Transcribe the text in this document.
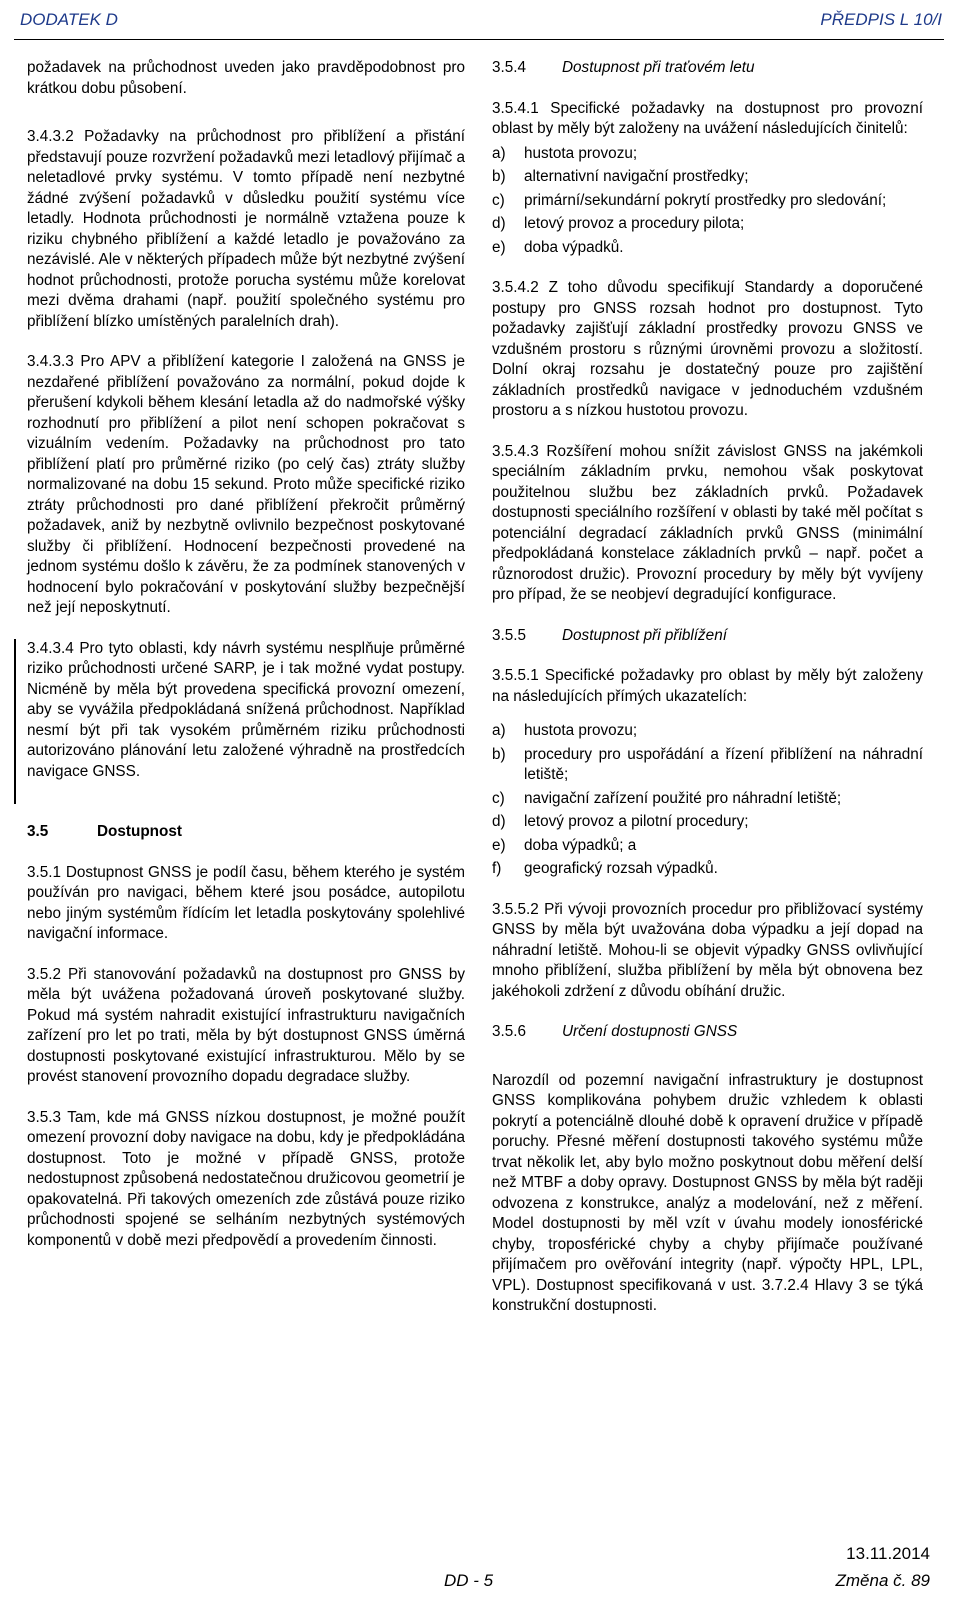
DODATEK D	PŘEDPIS L 10/I

požadavek na průchodnost uveden jako pravděpodobnost pro krátkou dobu působení.

3.4.3.2 Požadavky na průchodnost pro přiblížení a přistání představují pouze rozvržení požadavků mezi letadlový přijímač a neletadlové prvky systému. V tomto případě není nezbytné žádné zvýšení požadavků v důsledku použití systému více letadly. Hodnota průchodnosti je normálně vztažena pouze k riziku chybného přiblížení a každé letadlo je považováno za nezávislé. Ale v některých případech může být nezbytné zvýšení hodnot průchodnosti, protože porucha systému může korelovat mezi dvěma drahami (např. použití společného systému pro přiblížení blízko umístěných paralelních drah).

3.4.3.3 Pro APV a přiblížení kategorie I založená na GNSS je nezdařené přiblížení považováno za normální, pokud dojde k přerušení kdykoli během klesání letadla až do nadmořské výšky rozhodnutí pro přiblížení a pilot není schopen pokračovat s vizuálním vedením. Požadavky na průchodnost pro tato přiblížení platí pro průměrné riziko (po celý čas) ztráty služby normalizované na dobu 15 sekund. Proto může specifické riziko ztráty průchodnosti pro dané přiblížení překročit průměrný požadavek, aniž by nezbytně ovlivnilo bezpečnost poskytované služby či přiblížení. Hodnocení bezpečnosti provedené na jednom systému došlo k závěru, že za podmínek stanovených v hodnocení bylo pokračování v poskytování služby bezpečnější než její neposkytnutí.

3.4.3.4 Pro tyto oblasti, kdy návrh systému nesplňuje průměrné riziko průchodnosti určené SARP, je i tak možné vydat postupy. Nicméně by měla být provedena specifická provozní omezení, aby se vyvážila předpokládaná snížená průchodnost. Například nesmí být při tak vysokém průměrném riziku průchodnosti autorizováno plánování letu založené výhradně na prostředcích navigace GNSS.

3.5	Dostupnost

3.5.1 Dostupnost GNSS je podíl času, během kterého je systém používán pro navigaci, během které jsou posádce, autopilotu nebo jiným systémům řídícím let letadla poskytovány spolehlivé navigační informace.

3.5.2 Při stanovování požadavků na dostupnost pro GNSS by měla být uvážena požadovaná úroveň poskytované služby. Pokud má systém nahradit existující infrastrukturu navigačních zařízení pro let po trati, měla by být dostupnost GNSS úměrná dostupnosti poskytované existující infrastrukturou. Mělo by se provést stanovení provozního dopadu degradace služby.

3.5.3 Tam, kde má GNSS nízkou dostupnost, je možné použít omezení provozní doby navigace na dobu, kdy je předpokládána dostupnost. Toto je možné v případě GNSS, protože nedostupnost způsobená nedostatečnou družicovou geometrií je opakovatelná. Při takových omezeních zde zůstává pouze riziko průchodnosti spojené se selháním nezbytných systémových komponentů v době mezi předpovědí a provedením činnosti.

3.5.4 Dostupnost při traťovém letu

3.5.4.1 Specifické požadavky na dostupnost pro provozní oblast by měly být založeny na uvážení následujících činitelů:

a) hustota provozu;
b) alternativní navigační prostředky;
c) primární/sekundární pokrytí prostředky pro sledování;
d) letový provoz a procedury pilota;
e) doba výpadků.

3.5.4.2 Z toho důvodu specifikují Standardy a doporučené postupy pro GNSS rozsah hodnot pro dostupnost. Tyto požadavky zajišťují základní prostředky provozu GNSS ve vzdušném prostoru s různými úrovněmi provozu a složitostí. Dolní okraj rozsahu je dostatečný pouze pro zajištění základních prostředků navigace v jednoduchém vzdušném prostoru a s nízkou hustotou provozu.

3.5.4.3 Rozšíření mohou snížit závislost GNSS na jakémkoli speciálním základním prvku, nemohou však poskytovat použitelnou službu bez základních prvků. Požadavek dostupnosti speciálního rozšíření v oblasti by také měl počítat s potenciální degradací základních prvků GNSS (minimální předpokládaná konstelace základních prvků – např. počet a různorodost družic). Provozní procedury by měly být vyvíjeny pro případ, že se neobjeví degradující konfigurace.

3.5.5 Dostupnost při přiblížení

3.5.5.1 Specifické požadavky pro oblast by měly být založeny na následujících přímých ukazatelích:

a) hustota provozu;
b) procedury pro uspořádání a řízení přiblížení na náhradní letiště;
c) navigační zařízení použité pro náhradní letiště;
d) letový provoz a pilotní procedury;
e) doba výpadků; a
f) geografický rozsah výpadků.

3.5.5.2 Při vývoji provozních procedur pro přibližovací systémy GNSS by měla být uvažována doba výpadku a její dopad na náhradní letiště. Mohou-li se objevit výpadky GNSS ovlivňující mnoho přiblížení, služba přiblížení by měla být obnovena bez jakéhokoli zdržení z důvodu obíhání družic.

3.5.6 Určení dostupnosti GNSS

Narozdíl od pozemní navigační infrastruktury je dostupnost GNSS komplikována pohybem družic vzhledem k oblasti pokrytí a potenciálně dlouhé době k opravení družice v případě poruchy. Přesné měření dostupnosti takového systému může trvat několik let, aby bylo možno poskytnout dobu měření delší než MTBF a doby opravy. Dostupnost GNSS by měla být raději odvozena z konstrukce, analýz a modelování, než z měření. Model dostupnosti by měl vzít v úvahu modely ionosférické chyby, troposférické chyby a chyby přijímače používané přijímačem pro ověřování integrity (např. výpočty HPL, LPL, VPL). Dostupnost specifikovaná v ust. 3.7.2.4 Hlavy 3 se týká konstrukční dostupnosti.

13.11.2014
DD - 5	Změna č. 89
